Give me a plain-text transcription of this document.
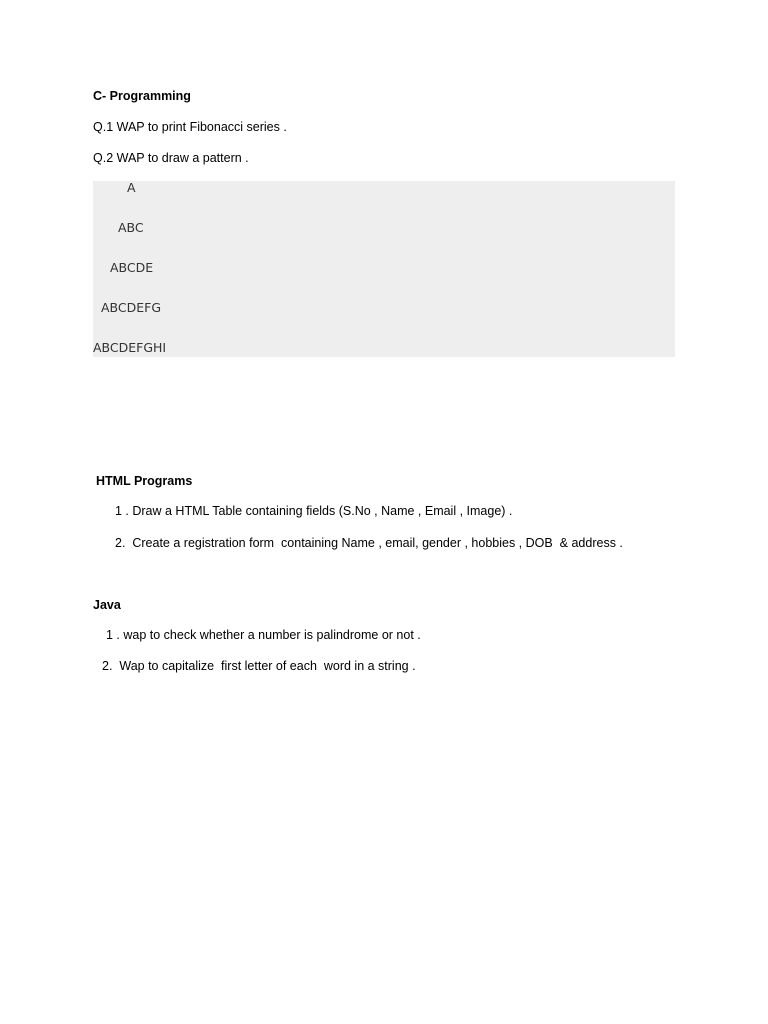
C- Programming
Q.1 WAP to print Fibonacci series .
Q.2 WAP to draw a pattern .
A
ABC
ABCDE
ABCDEFG
ABCDEFGHI
HTML Programs
1 . Draw a HTML Table containing fields (S.No , Name , Email , Image) .
2.  Create a registration form  containing Name , email, gender , hobbies , DOB  & address .
Java
1 . wap to check whether a number is palindrome or not .
2.  Wap to capitalize  first letter of each  word in a string .
